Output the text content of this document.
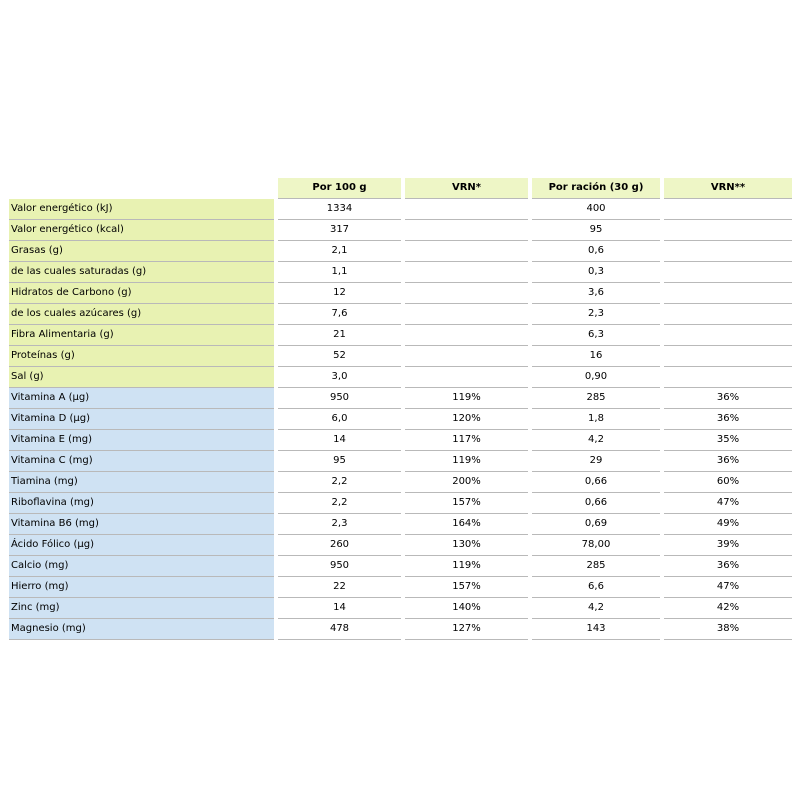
		Por 100 g		VRN*		Por ración (30 g)		VRN**
Valor energético (kJ)		1334				400		
Valor energético (kcal)		317				95		
Grasas (g)		2,1				0,6		
de las cuales saturadas (g)		1,1				0,3		
Hidratos de Carbono (g)		12				3,6		
de los cuales azúcares (g)		7,6				2,3		
Fibra Alimentaria (g)		21				6,3		
Proteínas (g)		52				16		
Sal (g)		3,0				0,90		
Vitamina A (µg)		950		119%		285		36%
Vitamina D (µg)		6,0		120%		1,8		36%
Vitamina E (mg)		14		117%		4,2		35%
Vitamina C (mg)		95		119%		29		36%
Tiamina (mg)		2,2		200%		0,66		60%
Riboflavina (mg)		2,2		157%		0,66		47%
Vitamina B6 (mg)		2,3		164%		0,69		49%
Ácido Fólico (µg)		260		130%		78,00		39%
Calcio (mg)		950		119%		285		36%
Hierro (mg)		22		157%		6,6		47%
Zinc (mg)		14		140%		4,2		42%
Magnesio (mg)		478		127%		143		38%
